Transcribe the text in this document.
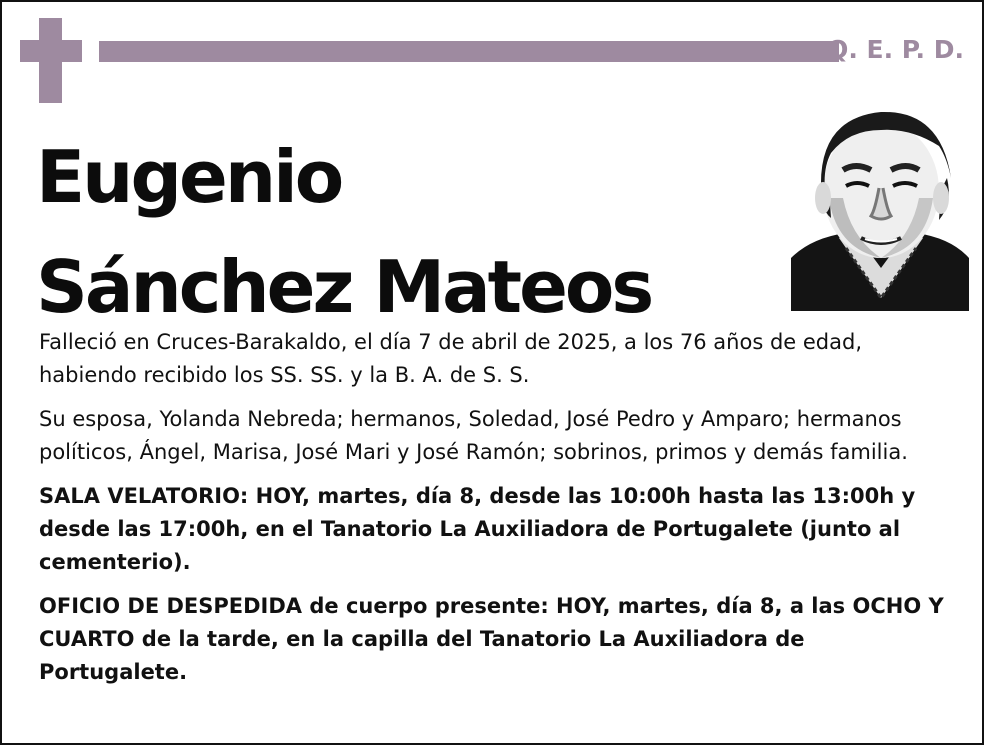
Q. E. P. D.
Eugenio
Sánchez Mateos

Falleció en Cruces-Barakaldo, el día 7 de abril de 2025, a los 76 años de edad, habiendo recibido los SS. SS. y la B. A. de S. S.

Su esposa, Yolanda Nebreda; hermanos, Soledad, José Pedro y Amparo; hermanos políticos, Ángel, Marisa, José Mari y José Ramón; sobrinos, primos y demás familia.

SALA VELATORIO: HOY, martes, día 8, desde las 10:00h hasta las 13:00h y desde las 17:00h, en el Tanatorio La Auxiliadora de Portugalete (junto al cementerio).

OFICIO DE DESPEDIDA de cuerpo presente: HOY, martes, día 8, a las OCHO Y CUARTO de la tarde, en la capilla del Tanatorio La Auxiliadora de Portugalete.
